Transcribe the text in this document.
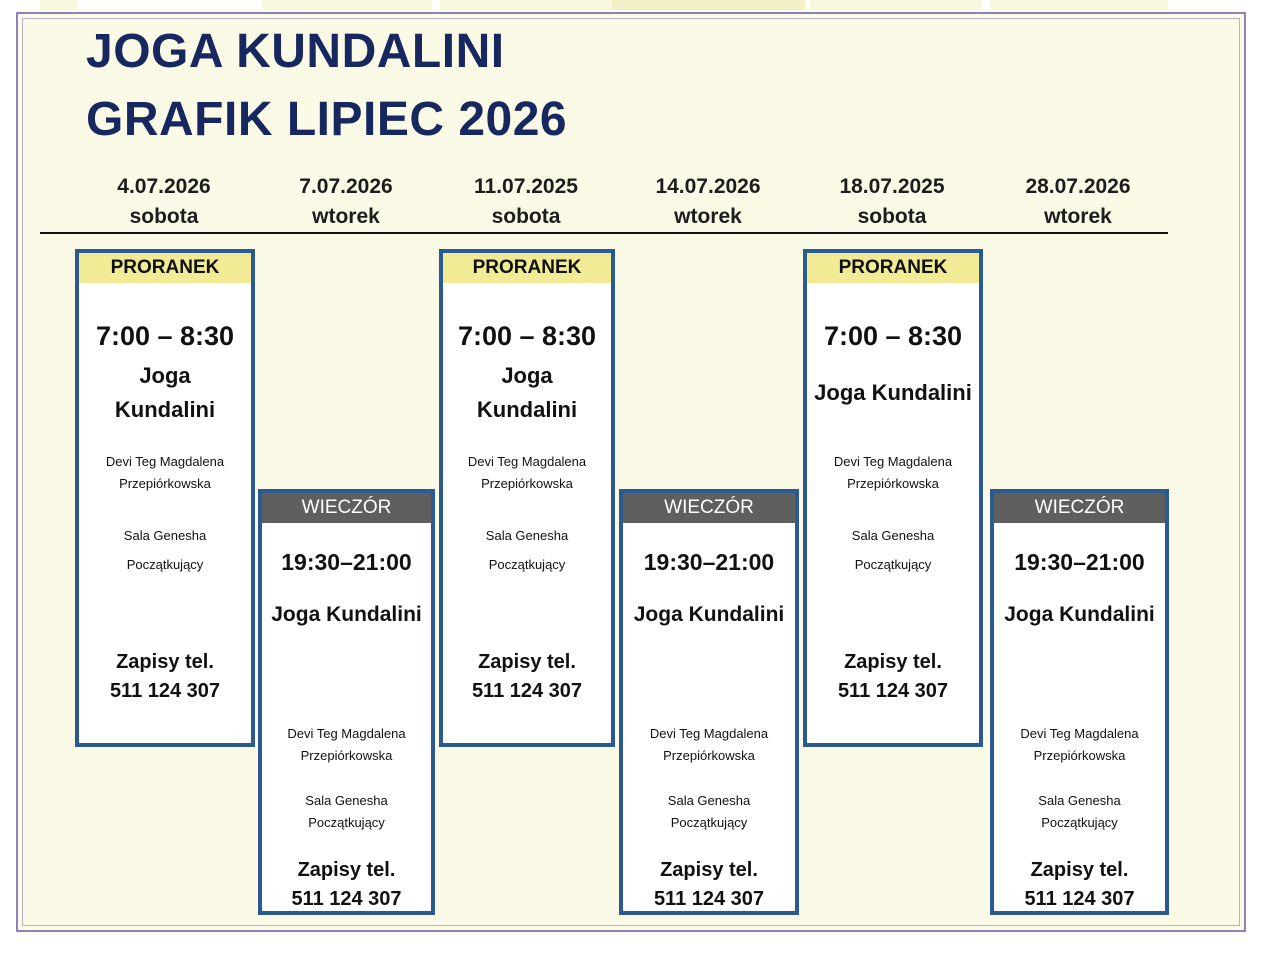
JOGA KUNDALINI
GRAFIK LIPIEC 2026
4.07.2026
sobota
7.07.2026
wtorek
11.07.2025
sobota
14.07.2026
wtorek
18.07.2025
sobota
28.07.2026
wtorek
PRORANEK
7:00 – 8:30
Joga
Kundalini
Devi Teg Magdalena
Przepiórkowska
Sala Genesha
Początkujący
Zapisy tel.
511 124 307
PRORANEK
7:00 – 8:30
Joga
Kundalini
Devi Teg Magdalena
Przepiórkowska
Sala Genesha
Początkujący
Zapisy tel.
511 124 307
PRORANEK
7:00 – 8:30
Joga Kundalini
Devi Teg Magdalena
Przepiórkowska
Sala Genesha
Początkujący
Zapisy tel.
511 124 307
WIECZÓR
19:30–21:00
Joga Kundalini
Devi Teg Magdalena
Przepiórkowska
Sala Genesha
Początkujący
Zapisy tel.
511 124 307
WIECZÓR
19:30–21:00
Joga Kundalini
Devi Teg Magdalena
Przepiórkowska
Sala Genesha
Początkujący
Zapisy tel.
511 124 307
WIECZÓR
19:30–21:00
Joga Kundalini
Devi Teg Magdalena
Przepiórkowska
Sala Genesha
Początkujący
Zapisy tel.
511 124 307
